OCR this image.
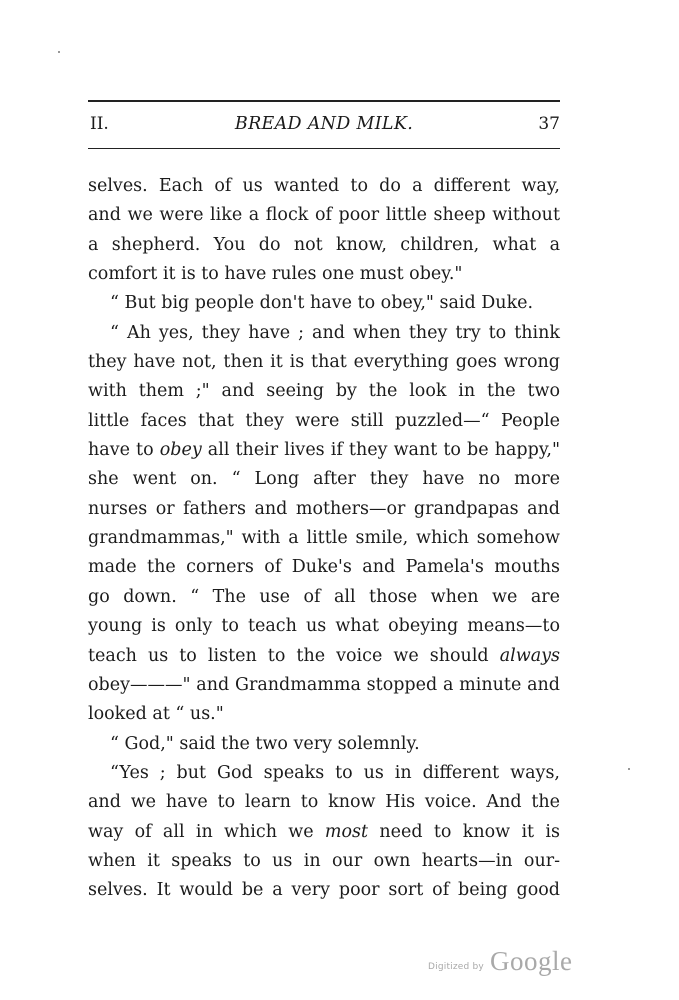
II.	BREAD AND MILK.	37
selves. Each of us wanted to do a different way,
and we were like a flock of poor little sheep without
a shepherd. You do not know, children, what a
comfort it is to have rules one must obey."
“ But big people don't have to obey," said Duke.
“ Ah yes, they have ; and when they try to think
they have not, then it is that everything goes wrong
with them ;" and seeing by the look in the two
little faces that they were still puzzled—“ People
have to obey all their lives if they want to be happy,"
she went on. “ Long after they have no more
nurses or fathers and mothers—or grandpapas and
grandmammas," with a little smile, which somehow
made the corners of Duke's and Pamela's mouths
go down. “ The use of all those when we are
young is only to teach us what obeying means—to
teach us to listen to the voice we should always
obey———" and Grandmamma stopped a minute and
looked at “ us."
“ God," said the two very solemnly.
“Yes ; but God speaks to us in different ways,
and we have to learn to know His voice. And the
way of all in which we most need to know it is
when it speaks to us in our own hearts—in our-
selves. It would be a very poor sort of being good
Digitized by Google
